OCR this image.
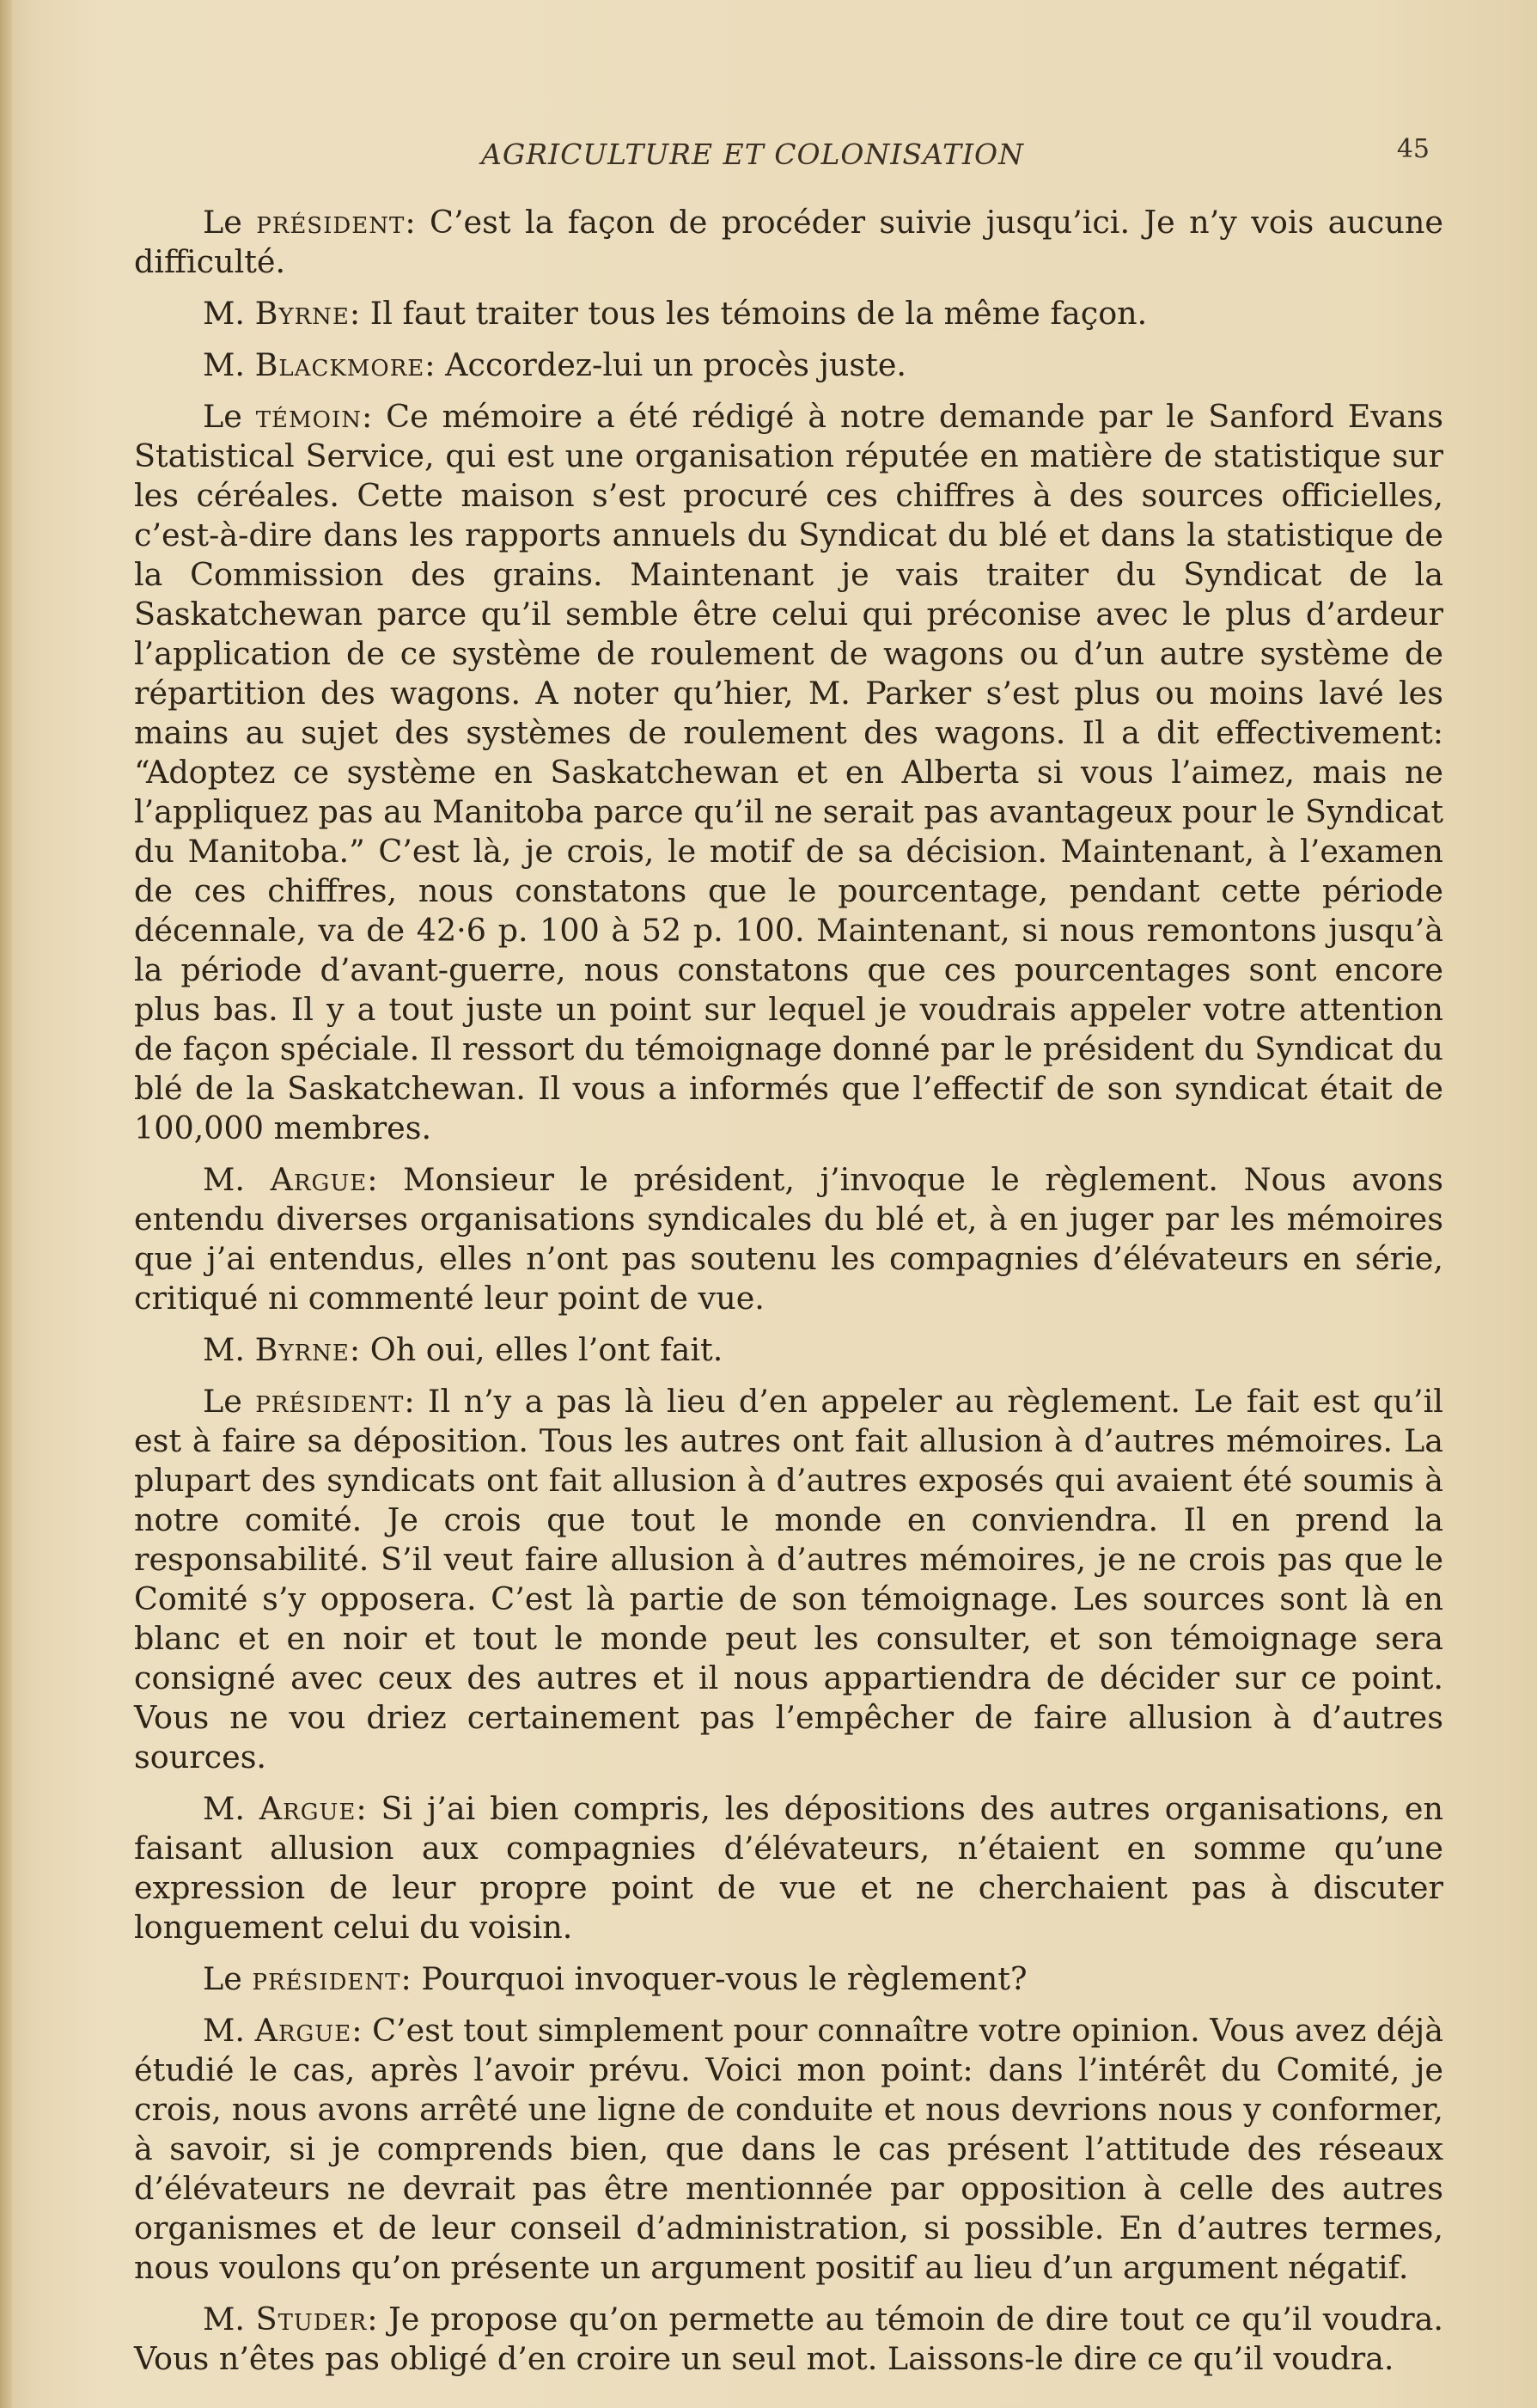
AGRICULTURE ET COLONISATION	45

Le président: C’est la façon de procéder suivie jusqu’ici. Je n’y vois aucune difficulté.

M. Byrne: Il faut traiter tous les témoins de la même façon.

M. Blackmore: Accordez-lui un procès juste.

Le témoin: Ce mémoire a été rédigé à notre demande par le Sanford Evans Statistical Service, qui est une organisation réputée en matière de statistique sur les céréales. Cette maison s’est procuré ces chiffres à des sources officielles, c’est-à-dire dans les rapports annuels du Syndicat du blé et dans la statistique de la Commission des grains. Maintenant je vais traiter du Syndicat de la Saskatchewan parce qu’il semble être celui qui préconise avec le plus d’ardeur l’application de ce système de roulement de wagons ou d’un autre système de répartition des wagons. A noter qu’hier, M. Parker s’est plus ou moins lavé les mains au sujet des systèmes de roulement des wagons. Il a dit effectivement: “Adoptez ce système en Saskatchewan et en Alberta si vous l’aimez, mais ne l’appliquez pas au Manitoba parce qu’il ne serait pas avantageux pour le Syndicat du Manitoba.” C’est là, je crois, le motif de sa décision. Maintenant, à l’examen de ces chiffres, nous constatons que le pourcentage, pendant cette période décennale, va de 42·6 p. 100 à 52 p. 100. Maintenant, si nous remontons jusqu’à la période d’avant-guerre, nous constatons que ces pourcentages sont encore plus bas. Il y a tout juste un point sur lequel je voudrais appeler votre attention de façon spéciale. Il ressort du témoignage donné par le président du Syndicat du blé de la Saskatchewan. Il vous a informés que l’effectif de son syndicat était de 100,000 membres.

M. Argue: Monsieur le président, j’invoque le règlement. Nous avons entendu diverses organisations syndicales du blé et, à en juger par les mémoires que j’ai entendus, elles n’ont pas soutenu les compagnies d’élévateurs en série, critiqué ni commenté leur point de vue.

M. Byrne: Oh oui, elles l’ont fait.

Le président: Il n’y a pas là lieu d’en appeler au règlement. Le fait est qu’il est à faire sa déposition. Tous les autres ont fait allusion à d’autres mémoires. La plupart des syndicats ont fait allusion à d’autres exposés qui avaient été soumis à notre comité. Je crois que tout le monde en conviendra. Il en prend la responsabilité. S’il veut faire allusion à d’autres mémoires, je ne crois pas que le Comité s’y opposera. C’est là partie de son témoignage. Les sources sont là en blanc et en noir et tout le monde peut les consulter, et son témoignage sera consigné avec ceux des autres et il nous appartiendra de décider sur ce point. Vous ne vou driez certainement pas l’empêcher de faire allusion à d’autres sources.

M. Argue: Si j’ai bien compris, les dépositions des autres organisations, en faisant allusion aux compagnies d’élévateurs, n’étaient en somme qu’une expression de leur propre point de vue et ne cherchaient pas à discuter longuement celui du voisin.

Le président: Pourquoi invoquer-vous le règlement?

M. Argue: C’est tout simplement pour connaître votre opinion. Vous avez déjà étudié le cas, après l’avoir prévu. Voici mon point: dans l’intérêt du Comité, je crois, nous avons arrêté une ligne de conduite et nous devrions nous y conformer, à savoir, si je comprends bien, que dans le cas présent l’attitude des réseaux d’élévateurs ne devrait pas être mentionnée par opposition à celle des autres organismes et de leur conseil d’administration, si possible. En d’autres termes, nous voulons qu’on présente un argument positif au lieu d’un argument négatif.

M. Studer: Je propose qu’on permette au témoin de dire tout ce qu’il voudra. Vous n’êtes pas obligé d’en croire un seul mot. Laissons-le dire ce qu’il voudra.
